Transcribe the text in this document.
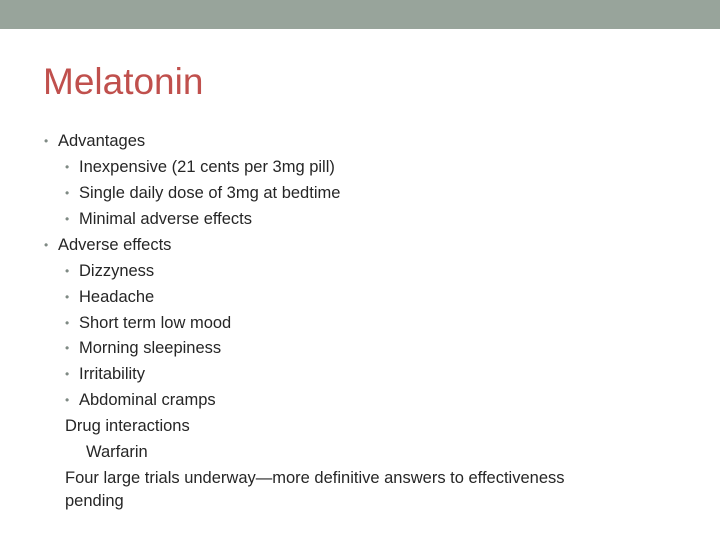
Melatonin
• Advantages
• Inexpensive (21 cents per 3mg pill)
• Single daily dose of 3mg at bedtime
• Minimal adverse effects
• Adverse effects
• Dizzyness
• Headache
• Short term low mood
• Morning sleepiness
• Irritability
• Abdominal cramps
Drug interactions
Warfarin
Four large trials underway—more definitive answers to effectiveness
pending
